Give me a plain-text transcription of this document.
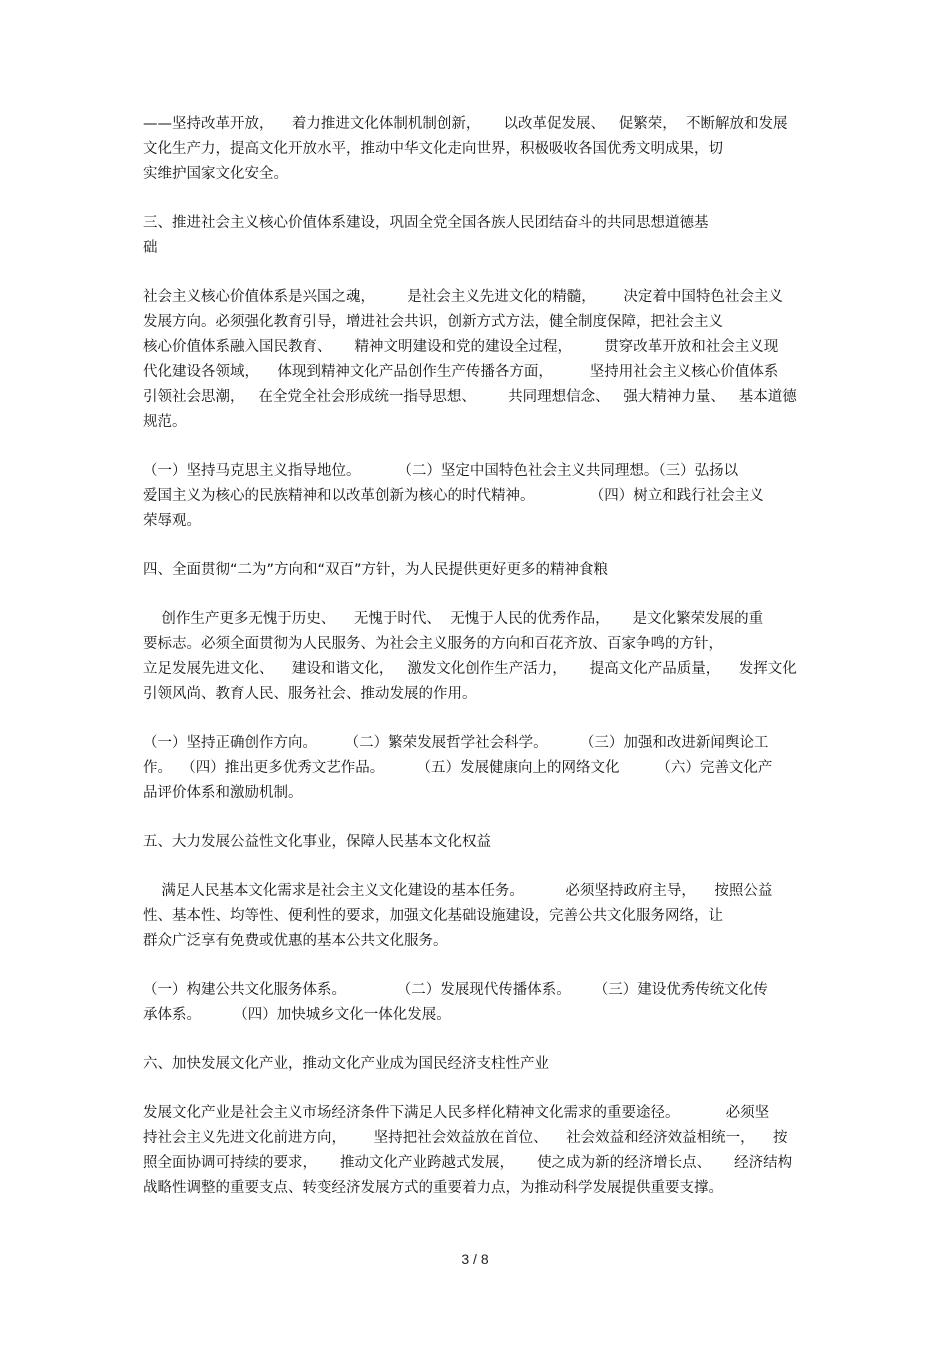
——坚持改革开放，    着力推进文化体制机制创新，     以改革促发展、   促繁荣，  不断解放和发展
文化生产力，提高文化开放水平，推动中华文化走向世界，积极吸收各国优秀文明成果，切
实维护国家文化安全。
三、推进社会主义核心价值体系建设，巩固全党全国各族人民团结奋斗的共同思想道德基
础
社会主义核心价值体系是兴国之魂，       是社会主义先进文化的精髓，      决定着中国特色社会主义
发展方向。必须强化教育引导，增进社会共识，创新方式方法，健全制度保障，把社会主义
核心价值体系融入国民教育、     精神文明建设和党的建设全过程，       贯穿改革开放和社会主义现
代化建设各领域，    体现到精神文化产品创作生产传播各方面，        坚持用社会主义核心价值体系
引领社会思潮，   在全党全社会形成统一指导思想、       共同理想信念、   强大精神力量、   基本道德
规范。
（一）坚持马克思主义指导地位。        （二）坚定中国特色社会主义共同理想。（三）弘扬以
爱国主义为核心的民族精神和以改革创新为核心的时代精神。            （四）树立和践行社会主义
荣辱观。
四、全面贯彻“二为”方向和“双百”方针，为人民提供更好更多的精神食粮
创作生产更多无愧于历史、    无愧于时代、  无愧于人民的优秀作品，     是文化繁荣发展的重
要标志。必须全面贯彻为人民服务、为社会主义服务的方向和百花齐放、百家争鸣的方针，
立足发展先进文化、    建设和谐文化，   激发文化创作生产活力，     提高文化产品质量，    发挥文化
引领风尚、教育人民、服务社会、推动发展的作用。
（一）坚持正确创作方向。      （二）繁荣发展哲学社会科学。       （三）加强和改进新闻舆论工
作。  （四）推出更多优秀文艺作品。       （五）发展健康向上的网络文化        （六）完善文化产
品评价体系和激励机制。
五、大力发展公益性文化事业，保障人民基本文化权益
满足人民基本文化需求是社会主义文化建设的基本任务。         必须坚持政府主导，    按照公益
性、基本性、均等性、便利性的要求，加强文化基础设施建设，完善公共文化服务网络，让
群众广泛享有免费或优惠的基本公共文化服务。
（一）构建公共文化服务体系。           （二）发展现代传播体系。     （三）建设优秀传统文化传
承体系。       （四）加快城乡文化一体化发展。
六、加快发展文化产业，推动文化产业成为国民经济支柱性产业
发展文化产业是社会主义市场经济条件下满足人民多样化精神文化需求的重要途径。          必须坚
持社会主义先进文化前进方向，      坚持把社会效益放在首位、    社会效益和经济效益相统一，    按
照全面协调可持续的要求，     推动文化产业跨越式发展，     使之成为新的经济增长点、     经济结构
战略性调整的重要支点、转变经济发展方式的重要着力点，为推动科学发展提供重要支撑。
3 / 8
